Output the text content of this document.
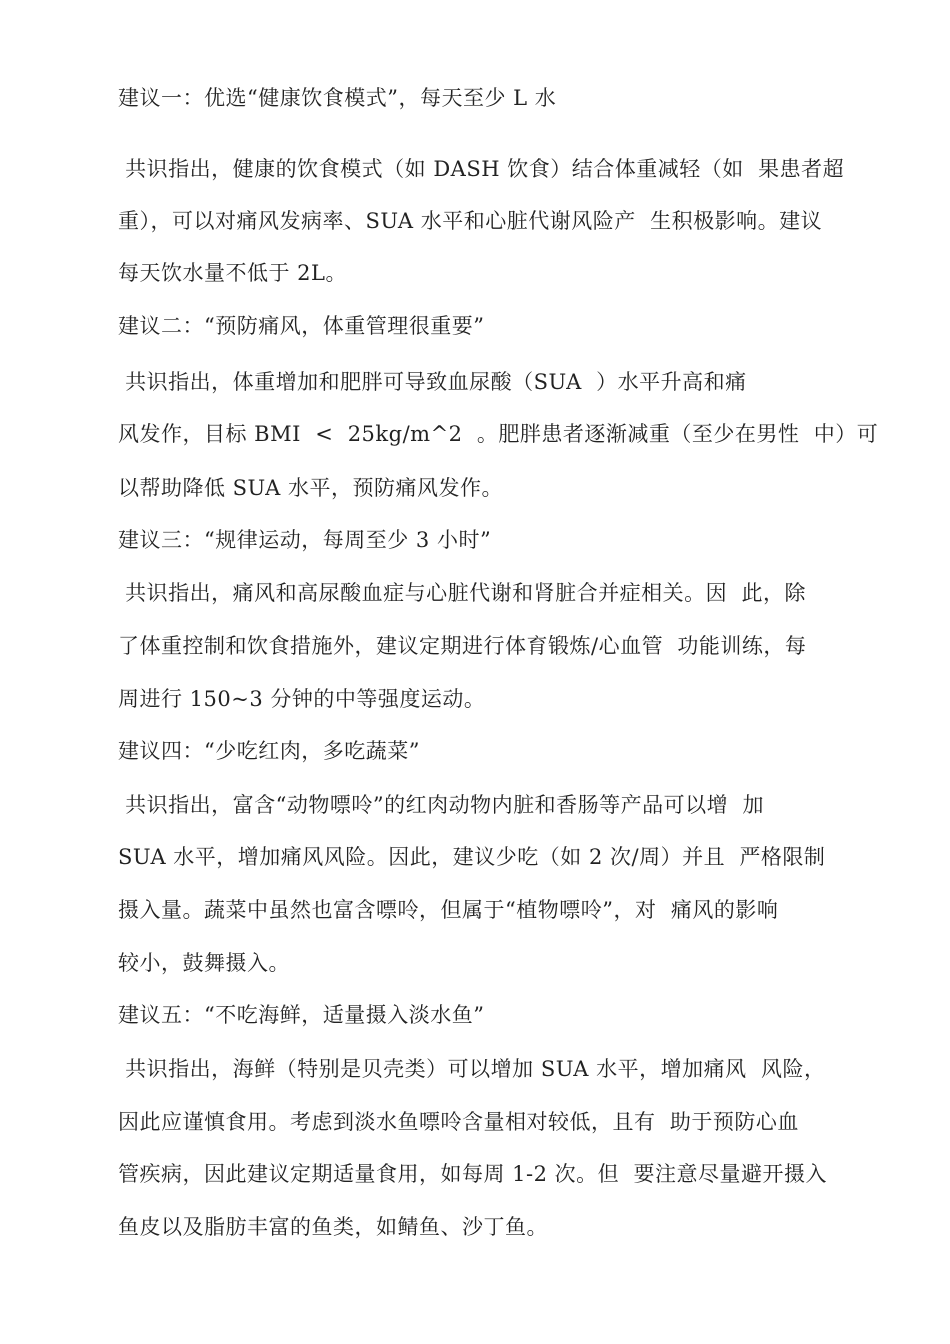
建议一：优选“健康饮食模式”，每天至少 L 水
共识指出，健康的饮食模式（如 DASH 饮食）结合体重减轻（如  果患者超
重），可以对痛风发病率、SUA 水平和心脏代谢风险产  生积极影响。建议
每天饮水量不低于 2L。
建议二：“预防痛风，体重管理很重要”
共识指出，体重增加和肥胖可导致血尿酸（SUA  ）水平升高和痛
风发作，目标 BMI  <  25kg/m^2  。肥胖患者逐渐减重（至少在男性  中）可
以帮助降低 SUA 水平，预防痛风发作。
建议三：“规律运动，每周至少 3 小时”
共识指出，痛风和高尿酸血症与心脏代谢和肾脏合并症相关。因  此，除
了体重控制和饮食措施外，建议定期进行体育锻炼/心血管  功能训练，每
周进行 150~3 分钟的中等强度运动。
建议四：“少吃红肉，多吃蔬菜”
共识指出，富含“动物嘌呤”的红肉动物内脏和香肠等产品可以增  加
SUA 水平，增加痛风风险。因此，建议少吃（如 2 次/周）并且  严格限制
摄入量。蔬菜中虽然也富含嘌呤，但属于“植物嘌呤”，对  痛风的影响
较小，鼓舞摄入。
建议五：“不吃海鲜，适量摄入淡水鱼”
共识指出，海鲜（特别是贝壳类）可以增加 SUA 水平，增加痛风  风险，
因此应谨慎食用。考虑到淡水鱼嘌呤含量相对较低，且有  助于预防心血
管疾病，因此建议定期适量食用，如每周 1-2 次。但  要注意尽量避开摄入
鱼皮以及脂肪丰富的鱼类，如鲭鱼、沙丁鱼。
